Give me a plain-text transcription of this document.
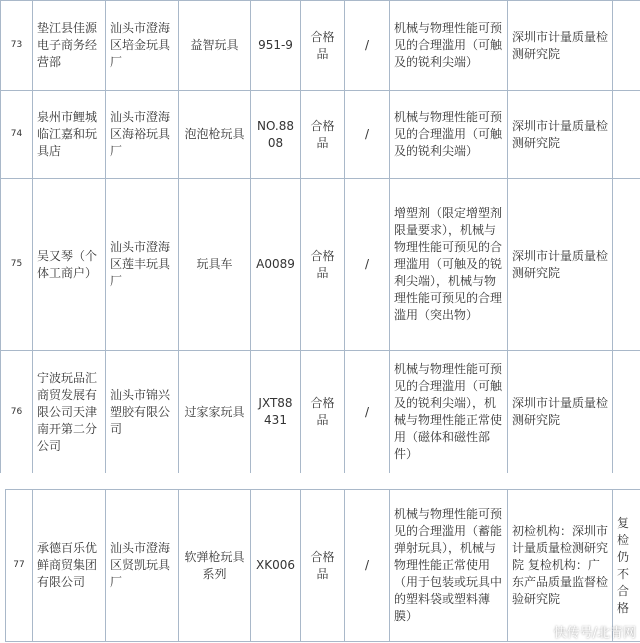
73	垫江县佳源电子商务经营部	汕头市澄海区培金玩具厂	益智玩具	951-9	合格品	/	机械与物理性能可预见的合理滥用（可触及的锐利尖端）	深圳市计量质量检测研究院	
74	泉州市鲤城临江嘉和玩具店	汕头市澄海区海裕玩具厂	泡泡枪玩具	NO.8808	合格品	/	机械与物理性能可预见的合理滥用（可触及的锐利尖端）	深圳市计量质量检测研究院	
75	吴又琴（个体工商户）	汕头市澄海区莲丰玩具厂	玩具车	A0089	合格品	/	增塑剂（限定增塑剂限量要求），机械与物理性能可预见的合理滥用（可触及的锐利尖端），机械与物理性能可预见的合理滥用（突出物）	深圳市计量质量检测研究院	
76	宁波玩品汇商贸发展有限公司天津南开第二分公司	汕头市锦兴塑胶有限公司	过家家玩具	JXT88431	合格品	/	机械与物理性能可预见的合理滥用（可触及的锐利尖端），机械与物理性能正常使用（磁体和磁性部件）	深圳市计量质量检测研究院	
77	承德百乐优鲜商贸集团有限公司	汕头市澄海区贤凯玩具厂	软弹枪玩具系列	XK006	合格品	/	机械与物理性能可预见的合理滥用（蓄能弹射玩具），机械与物理性能正常使用（用于包装或玩具中的塑料袋或塑料薄膜）	初检机构：深圳市计量质量检测研究院 复检机构：广东产品质量监督检验研究院	复检仍不合格
快传号/北青网
